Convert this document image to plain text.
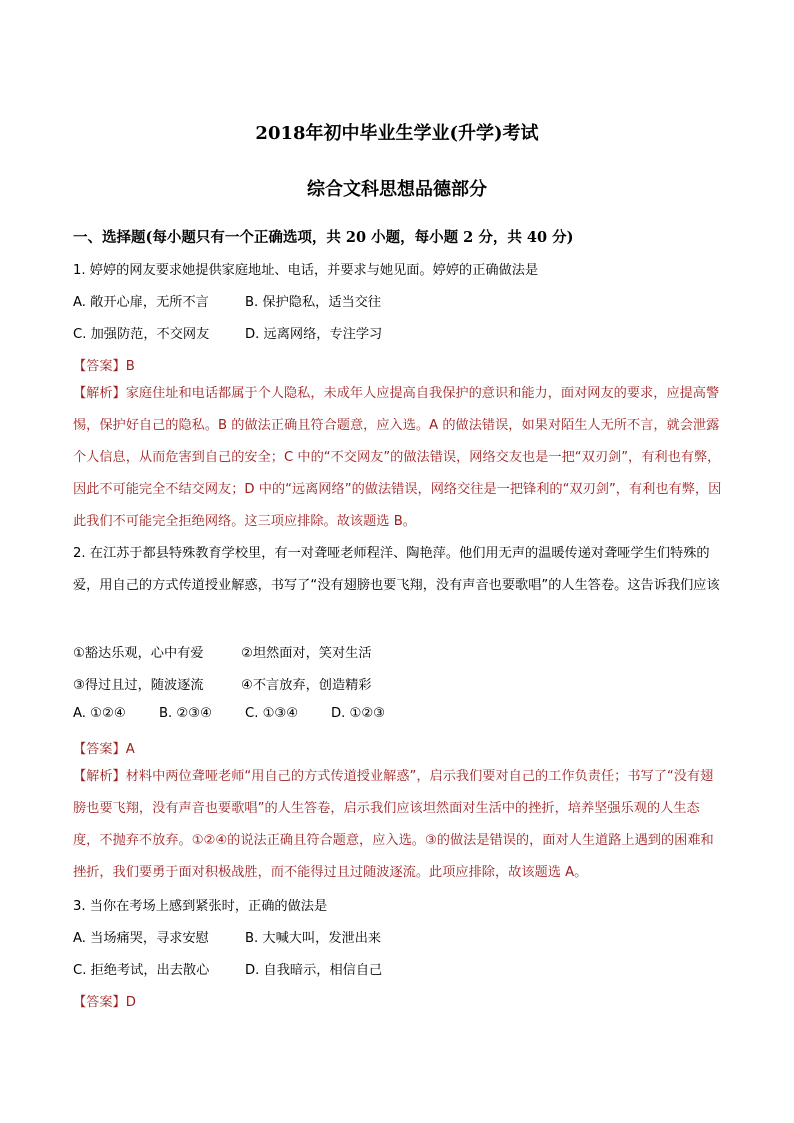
2018年初中毕业生学业(升学)考试
综合文科思想品德部分
一、选择题(每小题只有一个正确选项，共 20 小题，每小题 2 分，共 40 分)
1. 婷婷的网友要求她提供家庭地址、电话，并要求与她见面。婷婷的正确做法是
A. 敞开心扉，无所不言	B. 保护隐私，适当交往
C. 加强防范，不交网友	D. 远离网络，专注学习
【答案】B
【解析】家庭住址和电话都属于个人隐私，未成年人应提高自我保护的意识和能力，面对网友的要求，应提高警惕，保护好自己的隐私。B 的做法正确且符合题意，应入选。A 的做法错误，如果对陌生人无所不言，就会泄露个人信息，从而危害到自己的安全；C 中的“不交网友”的做法错误，网络交友也是一把“双刃剑”，有利也有弊，因此不可能完全不结交网友；D 中的“远离网络”的做法错误，网络交往是一把锋利的“双刃剑”，有利也有弊，因此我们不可能完全拒绝网络。这三项应排除。故该题选 B。
2. 在江苏于都县特殊教育学校里，有一对聋哑老师程洋、陶艳萍。他们用无声的温暖传递对聋哑学生们特殊的爱，用自己的方式传道授业解惑，书写了“没有翅膀也要飞翔，没有声音也要歌唱”的人生答卷。这告诉我们应该
①豁达乐观，心中有爱	②坦然面对，笑对生活
③得过且过，随波逐流	④不言放弃，创造精彩
A. ①②④	B. ②③④	C. ①③④ D. ①②③
【答案】A
【解析】材料中两位聋哑老师“用自己的方式传道授业解惑”，启示我们要对自己的工作负责任；书写了“没有翅膀也要飞翔，没有声音也要歌唱”的人生答卷，启示我们应该坦然面对生活中的挫折，培养坚强乐观的人生态度，不抛弃不放弃。①②④的说法正确且符合题意，应入选。③的做法是错误的，面对人生道路上遇到的困难和挫折，我们要勇于面对积极战胜，而不能得过且过随波逐流。此项应排除，故该题选 A。
3. 当你在考场上感到紧张时，正确的做法是
A. 当场痛哭，寻求安慰	B. 大喊大叫，发泄出来
C. 拒绝考试，出去散心	D. 自我暗示，相信自己
【答案】D
